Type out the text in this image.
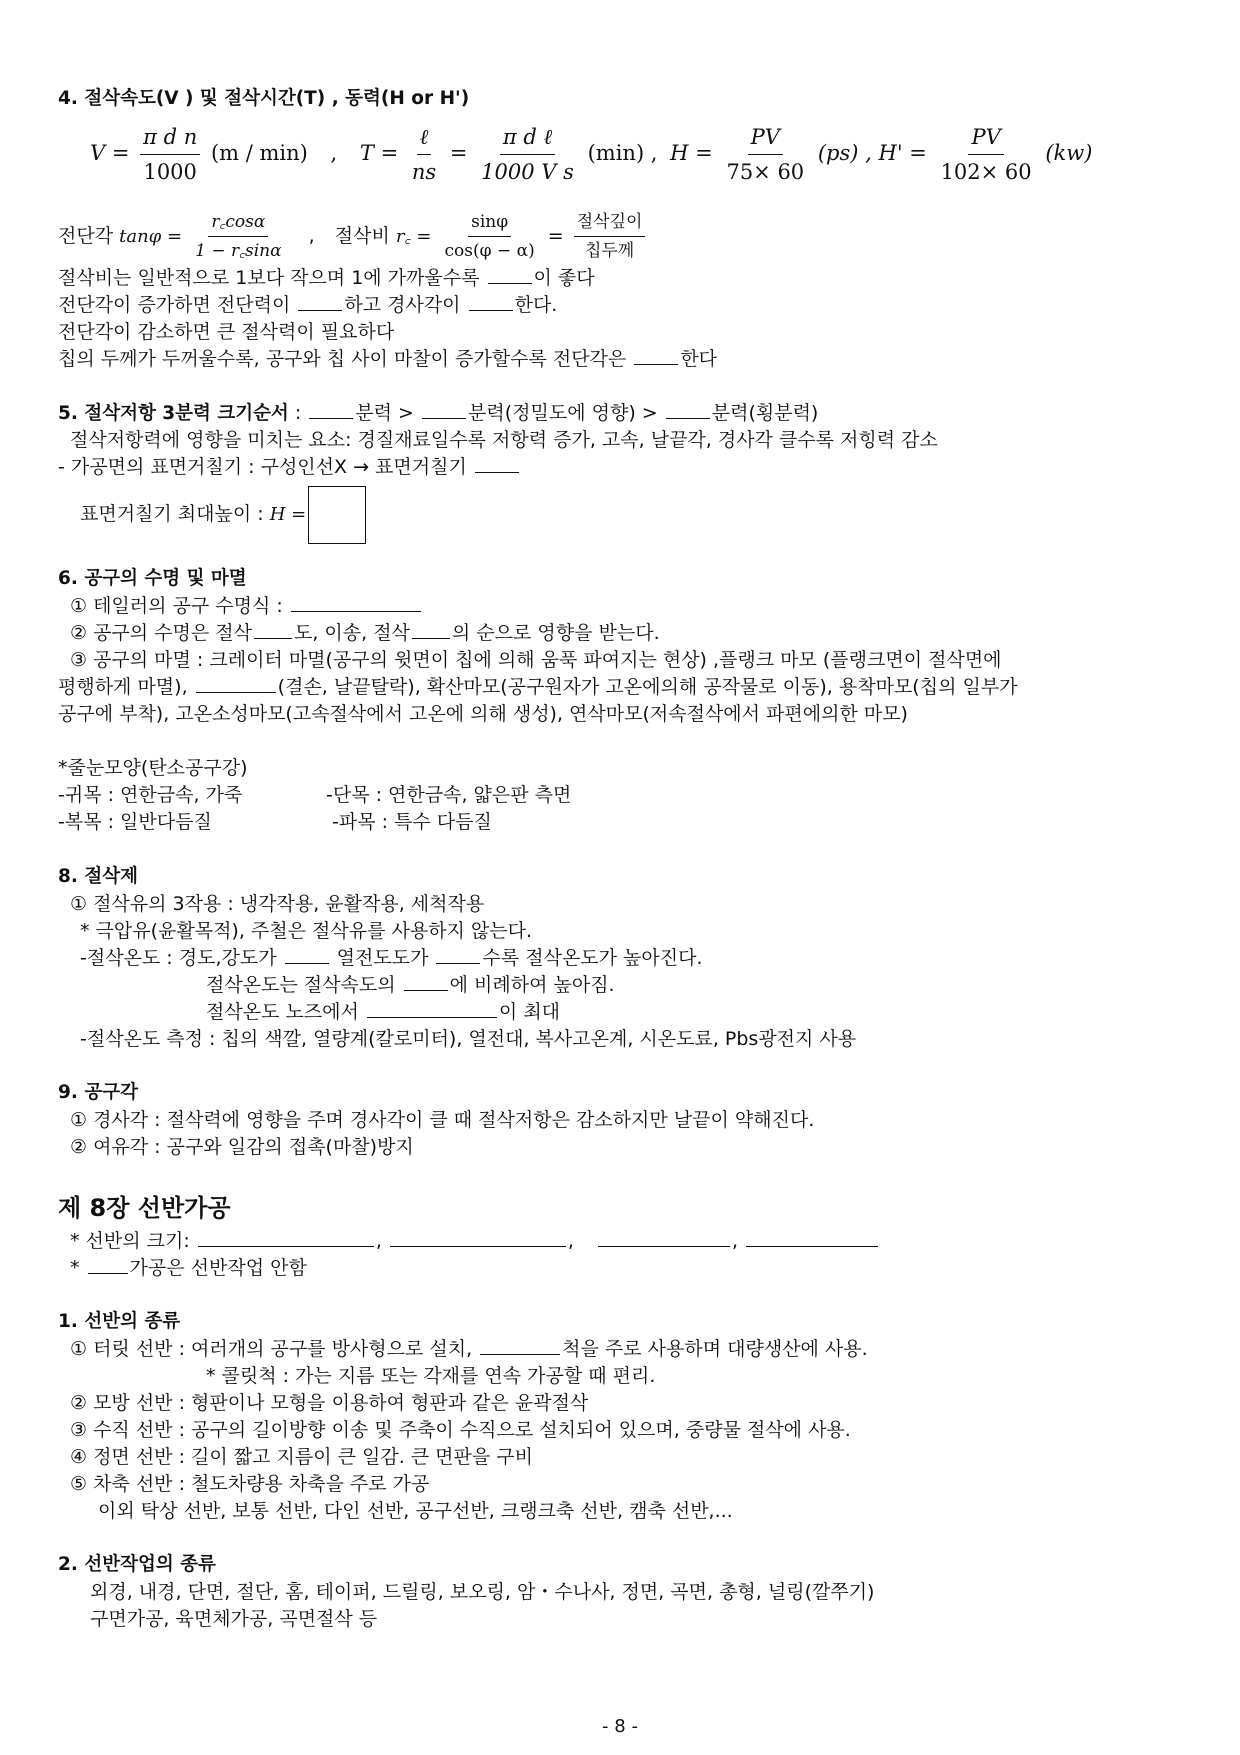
4. 절삭속도(V ) 및 절삭시간(T) , 동력(H or H')
$V = \frac{\text{π d n}}{1000} (m / \min)$ , $T = \frac{\text{ℓ}}{ns} = \frac{\text{π d ℓ}}{\text{1000 V s}} (\min)$ , $H = \frac{PV}{75\times 60} (ps)$ , $H' = \frac{PV}{102\times 60} (kw)$
전단각 $\tan\varphi = \frac{r꜀\cos\alpha}{1 - r꜀\sin\alpha}$ , 절삭비 r꜀ = $\frac{\sin\varphi}{\cos(\varphi - \alpha)} = \frac{\text{절삭깊이}}{\text{칩두께}}$
절삭비는 일반적으로 1보다 작으며 1에 가까울수록	이 좋다
전단각이 증가하면 전단력이	하고 경사각이	한다.
전단각이 감소하면 큰 절삭력이 필요하다
칩의 두께가 두꺼울수록, 공구와 칩 사이 마찰이 증가할수록 전단각은	한다
5. 절삭저항 3분력 크기순서 :	분력 >	분력(정밀도에 영향) >	분력(횡분력)
절삭저항력에 영향을 미치는 요소: 경질재료일수록 저항력 증가, 고속, 날끝각, 경사각 클수록 저힝력 감소
- 가공면의 표면거칠기 : 구성인선X → 표면거칠기
표면거칠기 최대높이 : H =
6. 공구의 수명 및 마멸
① 테일러의 공구 수명식 :
② 공구의 수명은 절삭 도, 이송, 절삭 의 순으로 영향을 받는다.
③ 공구의 마멸 : 크레이터 마멸(공구의 윗면이 칩에 의해 움푹 파여지는 현상) ,플랭크 마모 (플랭크면이 절삭면에
평행하게 마멸),	(결손, 날끝탈락), 확산마모(공구원자가 고온에의해 공작물로 이동), 용착마모(칩의 일부가
공구에 부착), 고온소성마모(고속절삭에서 고온에 의해 생성), 연삭마모(저속절삭에서 파편에의한 마모)
*줄눈모양(탄소공구강)
-귀목 : 연한금속, 가죽	-단목 : 연한금속, 얇은판 측면
-복목 : 일반다듬질	-파목 : 특수 다듬질
8. 절삭제
① 절삭유의 3작용 : 냉각작용, 윤활작용, 세척작용
* 극압유(윤활목적), 주철은 절삭유를 사용하지 않는다.
-절삭온도 : 경도,강도가	열전도도가	수록 절삭온도가 높아진다.
절삭온도는 절삭속도의	에 비례하여 높아짐.
절삭온도 노즈에서	이 최대
-절삭온도 측정 : 칩의 색깔, 열량계(칼로미터), 열전대, 복사고온계, 시온도료, Pbs광전지 사용
9. 공구각
① 경사각 : 절삭력에 영향을 주며 경사각이 클 때 절삭저항은 감소하지만 날끝이 약해진다.
② 여유각 : 공구와 일감의 접촉(마찰)방지
제 8장 선반가공
* 선반의 크기:	,	,	,
*	가공은 선반작업 안함
1. 선반의 종류
① 터릿 선반 : 여러개의 공구를 방사형으로 설치,	척을 주로 사용하며 대량생산에 사용.
* 콜릿척 : 가는 지름 또는 각재를 연속 가공할 때 편리.
② 모방 선반 : 형판이나 모형을 이용하여 형판과 같은 윤곽절삭
③ 수직 선반 : 공구의 길이방향 이송 및 주축이 수직으로 설치되어 있으며, 중량물 절삭에 사용.
④ 정면 선반 : 길이 짧고 지름이 큰 일감. 큰 면판을 구비
⑤ 차축 선반 : 철도차량용 차축을 주로 가공
이외 탁상 선반, 보통 선반, 다인 선반, 공구선반, 크랭크축 선반, 캠축 선반,...
2. 선반작업의 종류
외경, 내경, 단면, 절단, 홈, 테이퍼, 드릴링, 보오링, 암・수나사, 정면, 곡면, 총형, 널링(깔쭈기)
구면가공, 육면체가공, 곡면절삭 등
- 8 -
